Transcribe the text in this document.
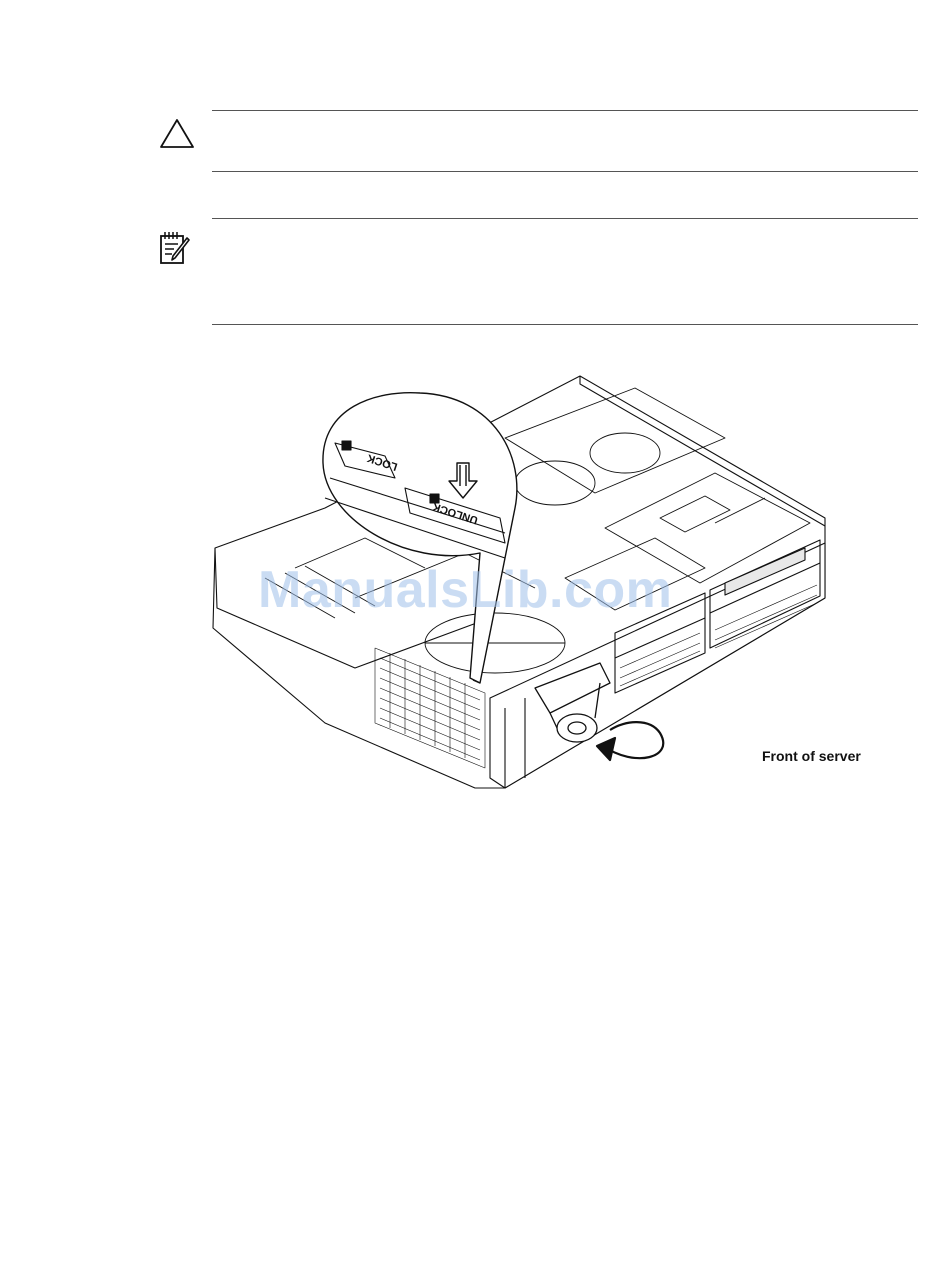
LOCK
UNLOCK
Front of server
ManualsLib.com
